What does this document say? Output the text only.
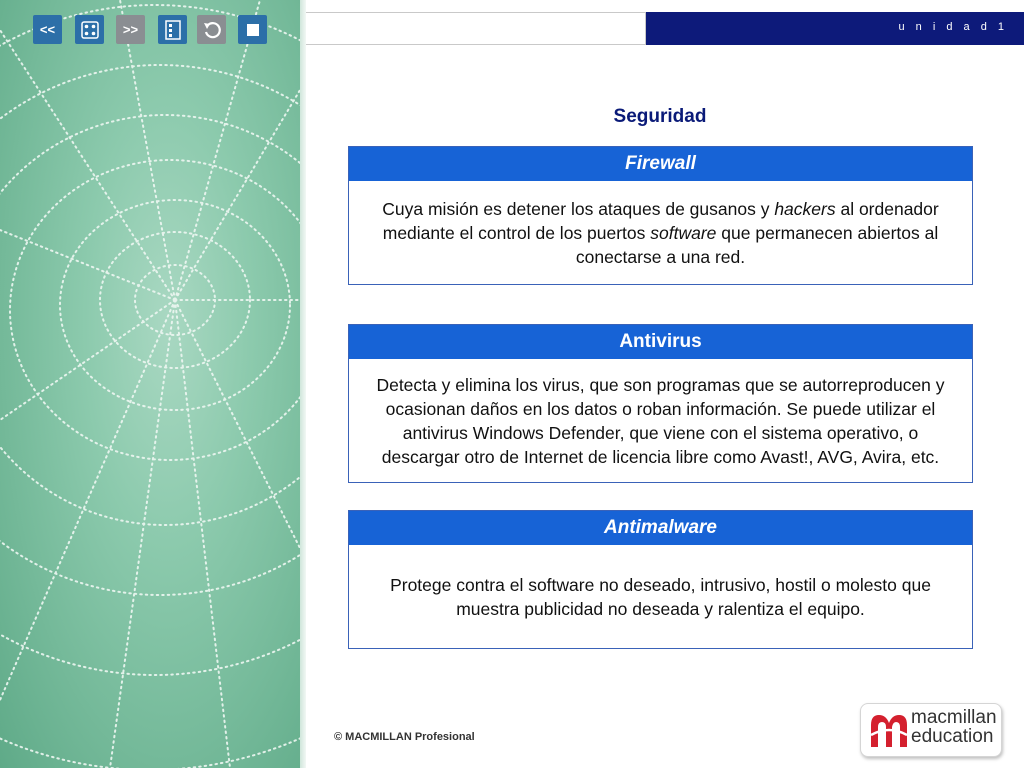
<<	>>	u n i d a d 1
Seguridad
Firewall
Cuya misión es detener los ataques de gusanos y hackers al ordenador mediante el control de los puertos software que permanecen abiertos al conectarse a una red.
Antivirus
Detecta y elimina los virus, que son programas que se autorreproducen y ocasionan daños en los datos o roban información. Se puede utilizar el antivirus Windows Defender, que viene con el sistema operativo, o descargar otro de Internet de licencia libre como Avast!, AVG, Avira, etc.
Antimalware
Protege contra el software no deseado, intrusivo, hostil o molesto que muestra publicidad no deseada y ralentiza el equipo.
© MACMILLAN Profesional
macmillan
education
